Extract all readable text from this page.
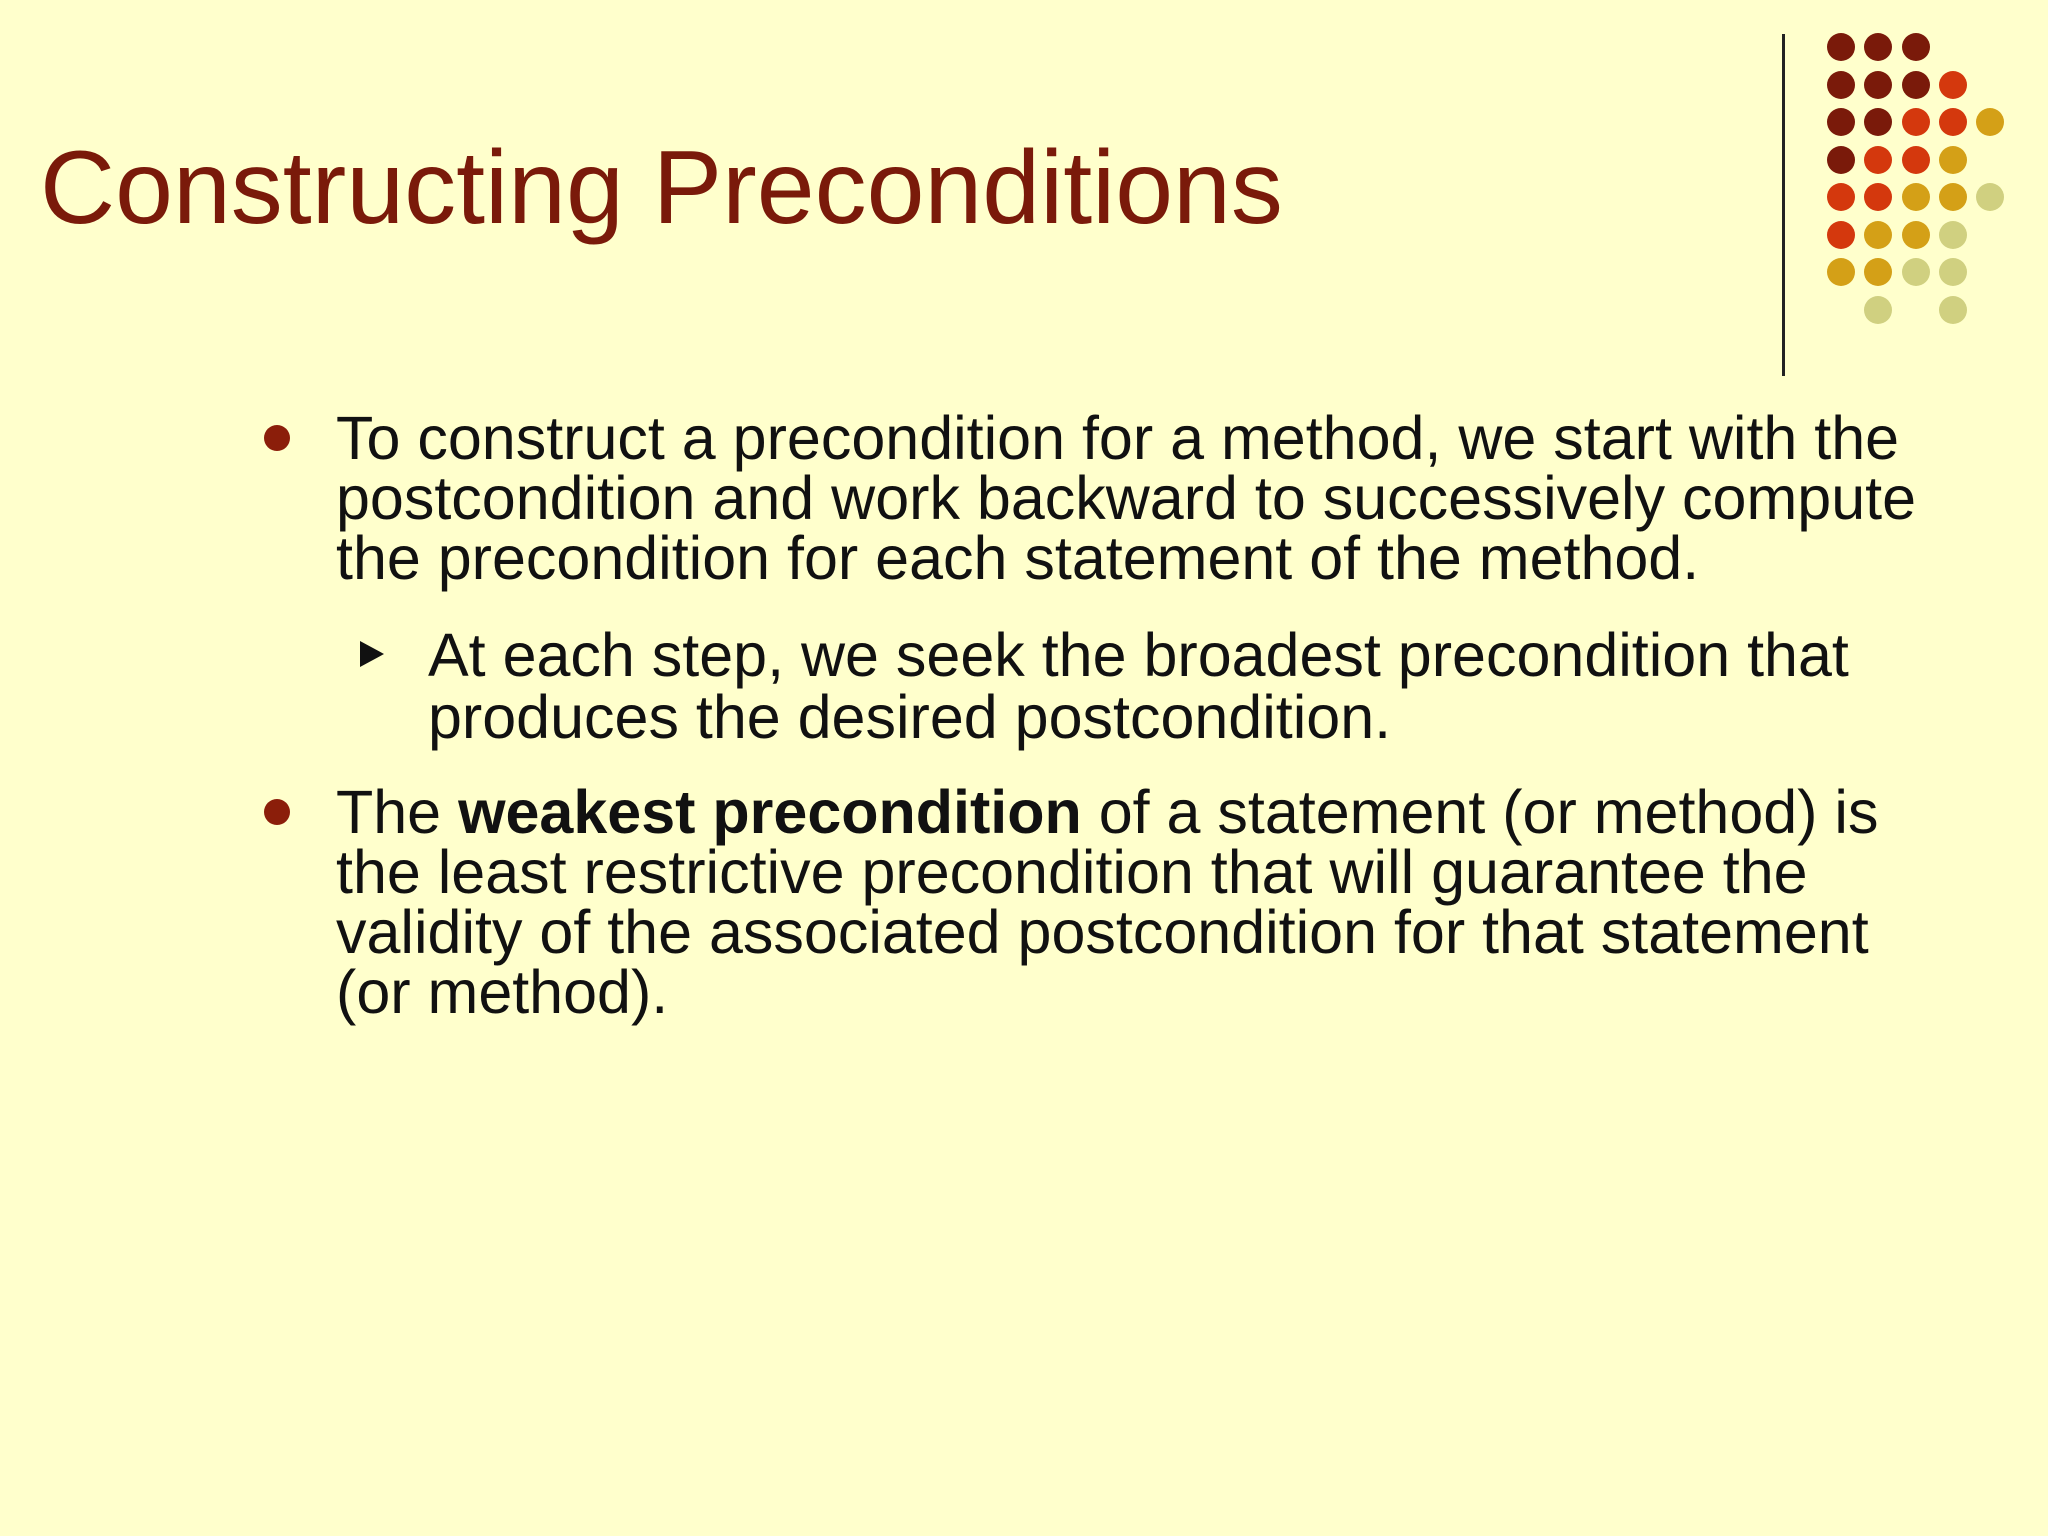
Constructing Preconditions
To construct a precondition for a method, we start with the postcondition and work backward to successively compute the precondition for each statement of the method.
At each step, we seek the broadest precondition that produces the desired postcondition.
The weakest precondition of a statement (or method) is the least restrictive precondition that will guarantee the validity of the associated postcondition for that statement (or method).
